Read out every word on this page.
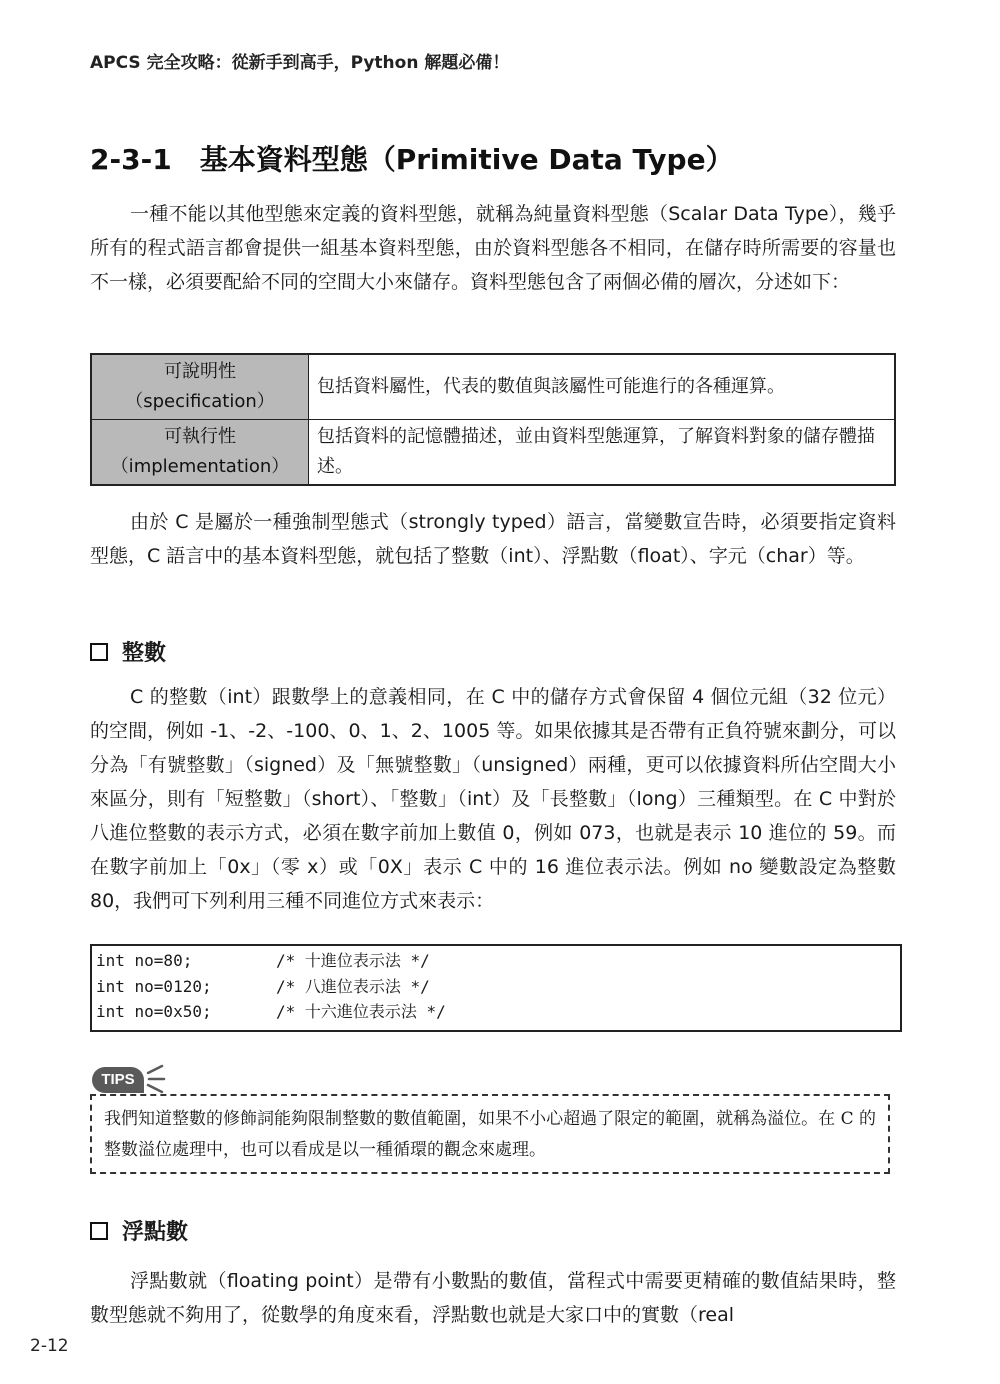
APCS 完全攻略：從新手到高手，Python 解題必備！
2-3-1　基本資料型態（Primitive Data Type）

一種不能以其他型態來定義的資料型態，就稱為純量資料型態（Scalar Data Type），幾乎所有的程式語言都會提供一組基本資料型態，由於資料型態各不相同，在儲存時所需要的容量也不一樣，必須要配給不同的空間大小來儲存。資料型態包含了兩個必備的層次，分述如下：

可說明性
（specification）	包括資料屬性，代表的數值與該屬性可能進行的各種運算。

可執行性
（implementation）	包括資料的記憶體描述，並由資料型態運算，了解資料對象的儲存體描述。

由於 C 是屬於一種強制型態式（strongly typed）語言，當變數宣告時，必須要指定資料型態，C 語言中的基本資料型態，就包括了整數（int）、浮點數（float）、字元（char）等。

整數

C 的整數（int）跟數學上的意義相同，在 C 中的儲存方式會保留 4 個位元組（32 位元）的空間，例如 -1、-2、-100、0、1、2、1005 等。如果依據其是否帶有正負符號來劃分，可以分為「有號整數」（signed）及「無號整數」（unsigned）兩種，更可以依據資料所佔空間大小來區分，則有「短整數」（short）、「整數」（int）及「長整數」（long）三種類型。在 C 中對於八進位整數的表示方式，必須在數字前加上數值 0，例如 073，也就是表示 10 進位的 59。而在數字前加上「0x」（零 x）或「0X」表示 C 中的 16 進位表示法。例如 no 變數設定為整數 80，我們可下列利用三種不同進位方式來表示：

int no=80;	/* 十進位表示法 */
int no=0120;	/* 八進位表示法 */
int no=0x50;	/* 十六進位表示法 */
TIPS

我們知道整數的修飾詞能夠限制整數的數值範圍，如果不小心超過了限定的範圍，就稱為溢位。在 C 的整數溢位處理中，也可以看成是以一種循環的觀念來處理。

浮點數

浮點數就（floating point）是帶有小數點的數值，當程式中需要更精確的數值結果時，整數型態就不夠用了，從數學的角度來看，浮點數也就是大家口中的實數（real

2-12
